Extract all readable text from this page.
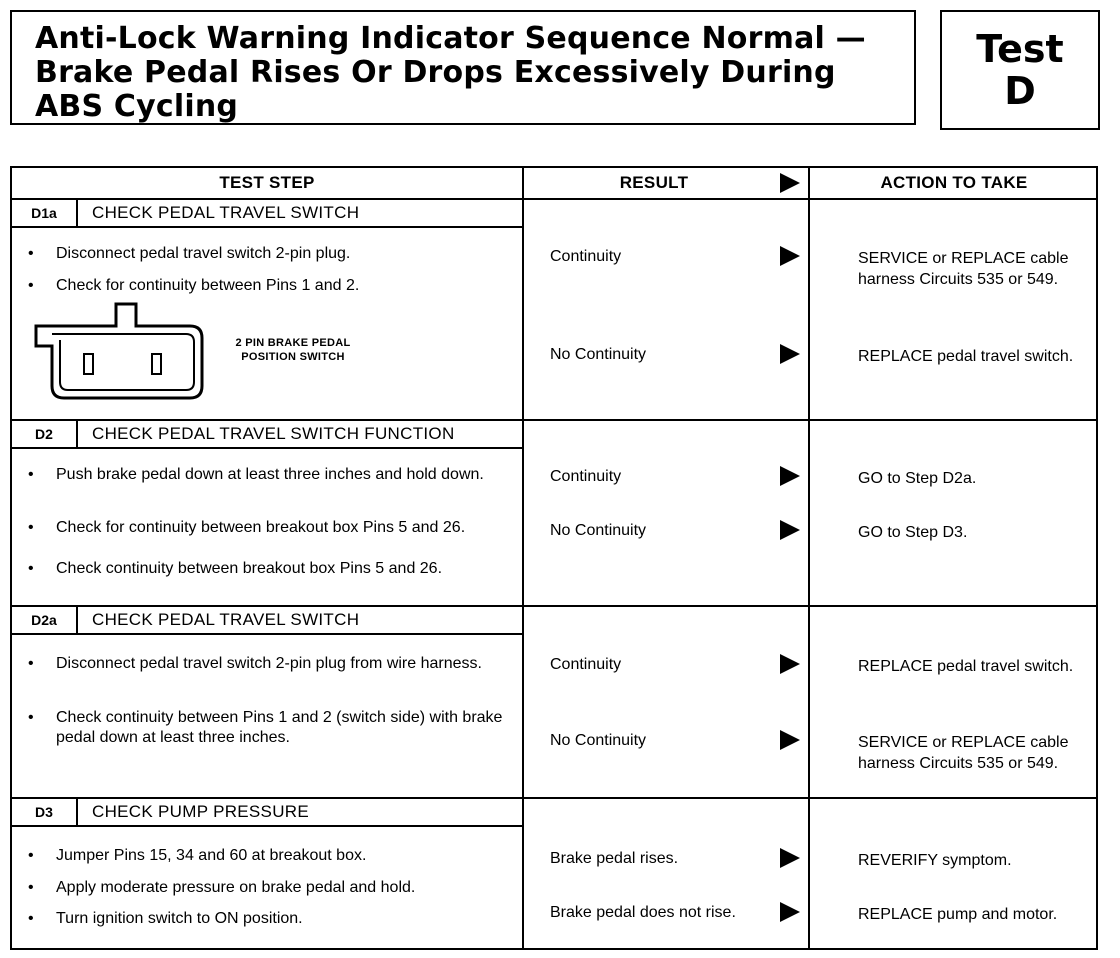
Anti-Lock Warning Indicator Sequence Normal —
Brake Pedal Rises Or Drops Excessively During
ABS Cycling
Test
D
TEST STEP	RESULT	ACTION TO TAKE
D1a	CHECK PEDAL TRAVEL SWITCH
• Disconnect pedal travel switch 2-pin plug.
• Check for continuity between Pins 1 and 2.
2 PIN BRAKE PEDAL
POSITION SWITCH
Continuity	SERVICE or REPLACE cable harness Circuits 535 or 549.
No Continuity	REPLACE pedal travel switch.
D2	CHECK PEDAL TRAVEL SWITCH FUNCTION
• Push brake pedal down at least three inches and hold down.
• Check for continuity between breakout box Pins 5 and 26.
• Check continuity between breakout box Pins 5 and 26.
Continuity	GO to Step D2a.
No Continuity	GO to Step D3.
D2a	CHECK PEDAL TRAVEL SWITCH
• Disconnect pedal travel switch 2-pin plug from wire harness.
• Check continuity between Pins 1 and 2 (switch side) with brake pedal down at least three inches.
Continuity	REPLACE pedal travel switch.
No Continuity	SERVICE or REPLACE cable harness Circuits 535 or 549.
D3	CHECK PUMP PRESSURE
• Jumper Pins 15, 34 and 60 at breakout box.
• Apply moderate pressure on brake pedal and hold.
• Turn ignition switch to ON position.
Brake pedal rises.	REVERIFY symptom.
Brake pedal does not rise.	REPLACE pump and motor.
